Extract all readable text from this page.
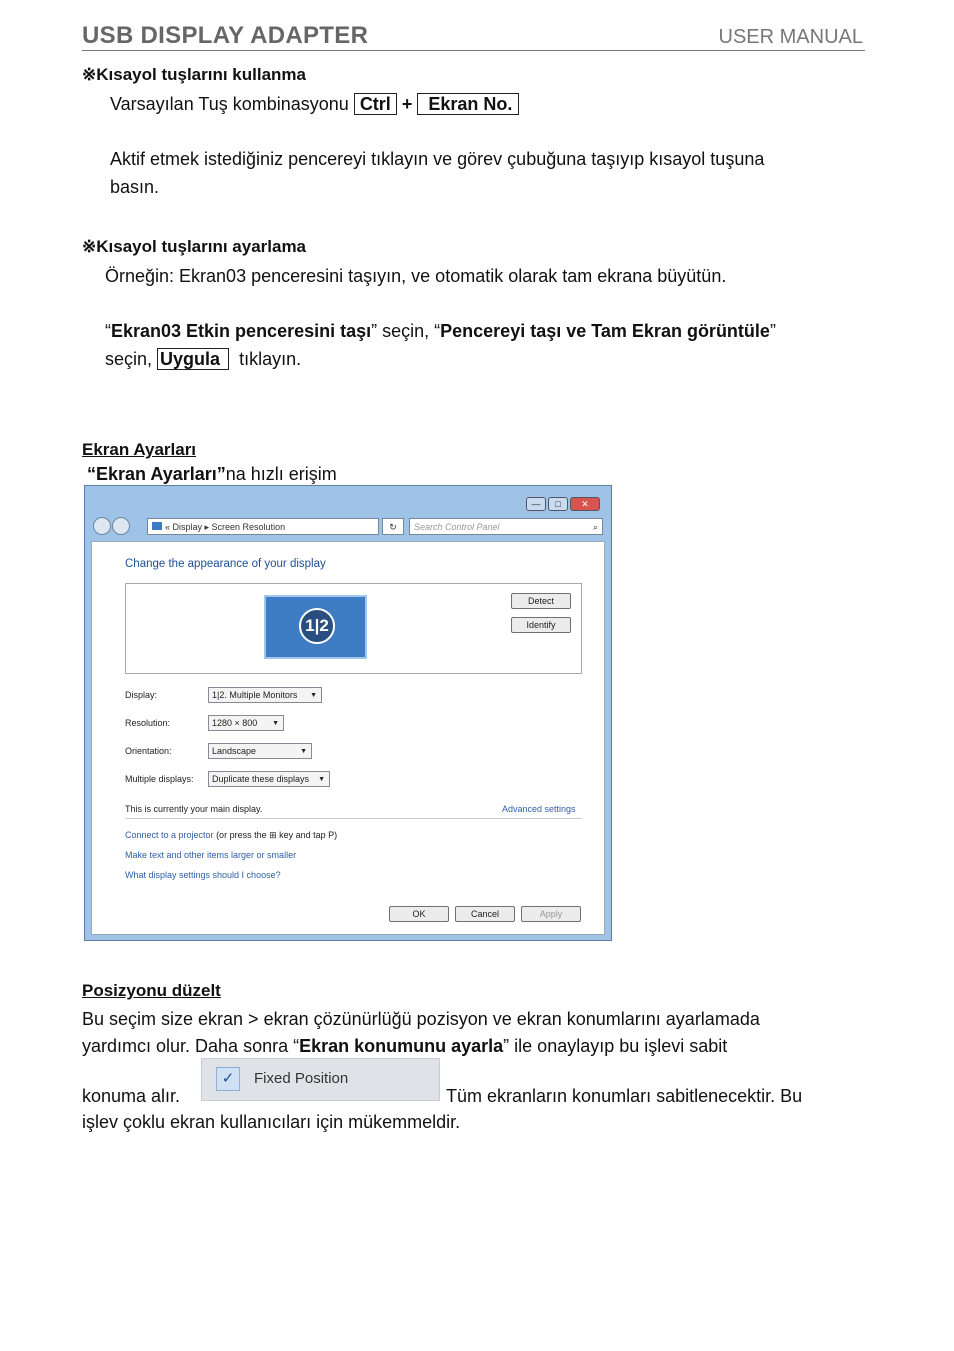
USB DISPLAY ADAPTER	USER MANUAL
※Kısayol tuşlarını kullanma
Varsayılan Tuş kombinasyonu Ctrl + Ekran No.
Aktif etmek istediğiniz pencereyi tıklayın ve görev çubuğuna taşıyıp kısayol tuşuna
basın.
※Kısayol tuşlarını ayarlama
Örneğin: Ekran03 penceresini taşıyın, ve otomatik olarak tam ekrana büyütün.
“Ekran03 Etkin penceresini taşı” seçin, “Pencereyi taşı ve Tam Ekran görüntüle”
seçin, Uygula tıklayın.
Ekran Ayarları
“Ekran Ayarları”na hızlı erişim
—	□	✕
« Display ▸ Screen Resolution	↻	Search Control Panel	⌕
Change the appearance of your display
1|2
Detect
Identify
Display:	1|2. Multiple Monitors ▼
Resolution:	1280 × 800 ▼
Orientation:	Landscape	▼
Multiple displays:	Duplicate these displays ▼
This is currently your main display.	Advanced settings
Connect to a projector (or press the ⊞ key and tap P)
Make text and other items larger or smaller
What display settings should I choose?
OK	Cancel	Apply
Posizyonu düzelt
Bu seçim size ekran > ekran çözünürlüğü pozisyon ve ekran konumlarını ayarlamada
yardımcı olur. Daha sonra “Ekran konumunu ayarla” ile onaylayıp bu işlevi sabit
konuma alır.
✓	Fixed Position
Tüm ekranların konumları sabitlenecektir. Bu
işlev çoklu ekran kullanıcıları için mükemmeldir.
